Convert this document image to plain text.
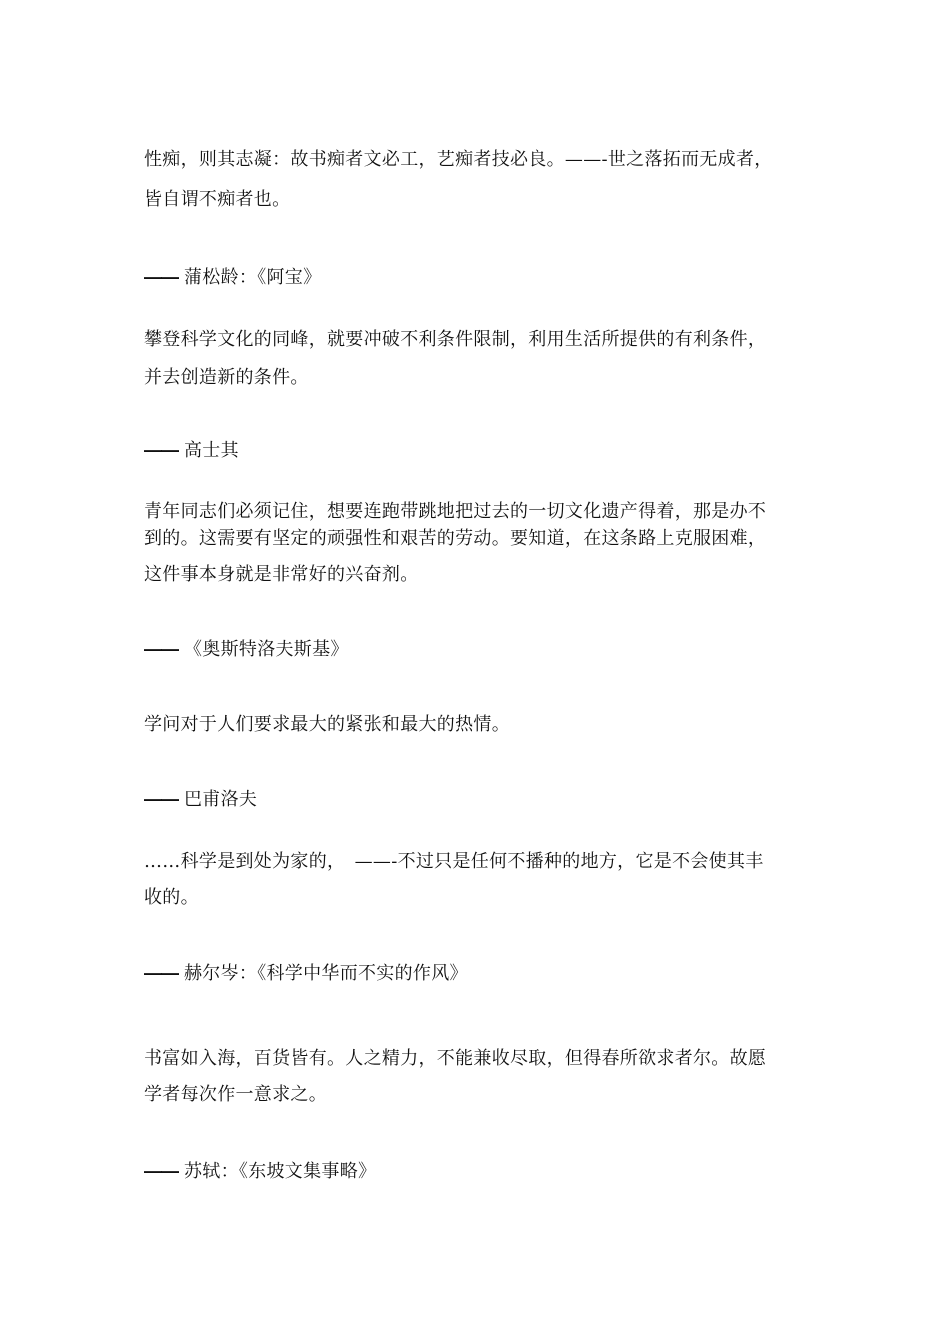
性痴，则其志凝：故书痴者文必工，艺痴者技必良。——-世之落拓而无成者，
皆自谓不痴者也。
—— 蒲松龄：《阿宝》
攀登科学文化的同峰，就要冲破不利条件限制，利用生活所提供的有利条件，
并去创造新的条件。
—— 高士其
青年同志们必须记住，想要连跑带跳地把过去的一切文化遗产得着，那是办不
到的。这需要有坚定的顽强性和艰苦的劳动。要知道，在这条路上克服困难，
这件事本身就是非常好的兴奋剂。
—— 《奥斯特洛夫斯基》
学问对于人们要求最大的紧张和最大的热情。
—— 巴甫洛夫
……科学是到处为家的，　——-不过只是任何不播种的地方，它是不会使其丰
收的。
—— 赫尔岑：《科学中华而不实的作风》
书富如入海，百货皆有。人之精力，不能兼收尽取，但得春所欲求者尔。故愿
学者每次作一意求之。
—— 苏轼：《东坡文集事略》
